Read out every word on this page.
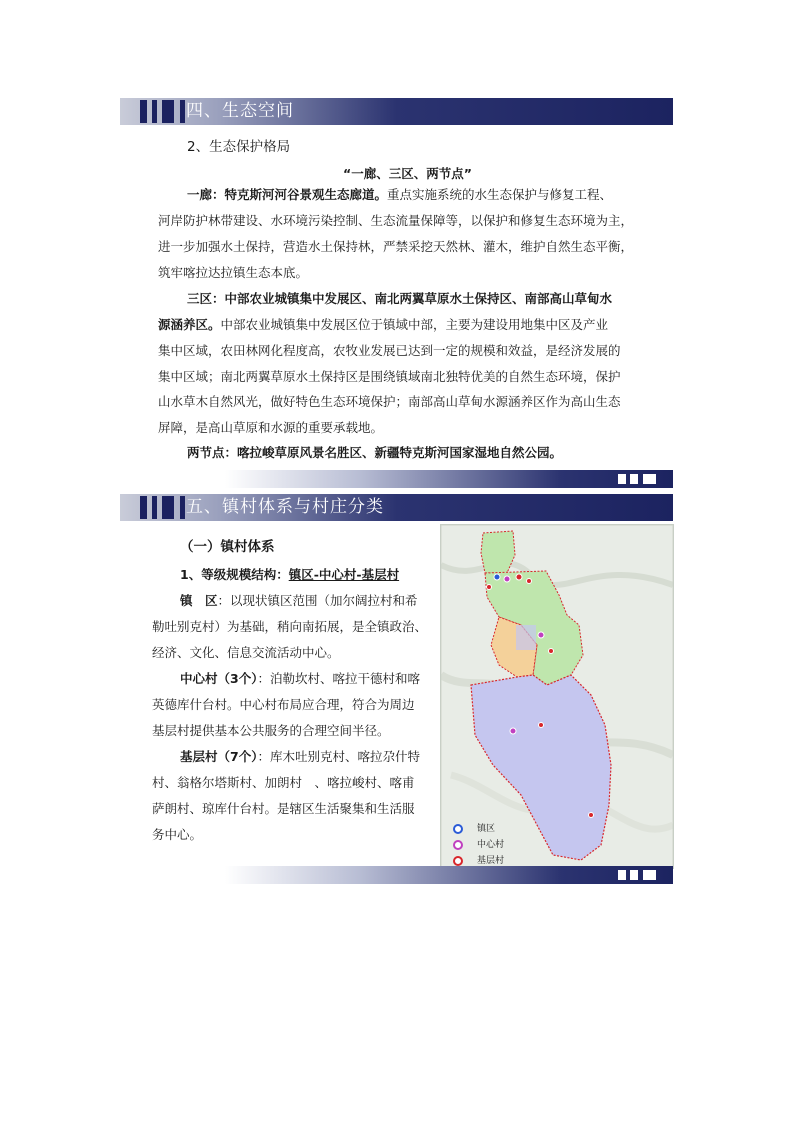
四、生态空间
2、生态保护格局
“一廊、三区、两节点”
一廊：特克斯河河谷景观生态廊道。重点实施系统的水生态保护与修复工程、
河岸防护林带建设、水环境污染控制、生态流量保障等，以保护和修复生态环境为主，
进一步加强水土保持，营造水土保持林，严禁采挖天然林、灌木，维护自然生态平衡，
筑牢喀拉达拉镇生态本底。
三区：中部农业城镇集中发展区、南北两翼草原水土保持区、南部高山草甸水
源涵养区。中部农业城镇集中发展区位于镇域中部，主要为建设用地集中区及产业
集中区域，农田林网化程度高，农牧业发展已达到一定的规模和效益，是经济发展的
集中区域；南北两翼草原水土保持区是围绕镇域南北独特优美的自然生态环境，保护
山水草木自然风光，做好特色生态环境保护；南部高山草甸水源涵养区作为高山生态
屏障，是高山草原和水源的重要承载地。
两节点：喀拉峻草原风景名胜区、新疆特克斯河国家湿地自然公园。
五、镇村体系与村庄分类
（一）镇村体系
1、等级规模结构：镇区-中心村-基层村
镇　区：以现状镇区范围（加尔阔拉村和希
勒吐别克村）为基础，稍向南拓展，是全镇政治、
经济、文化、信息交流活动中心。
中心村（3个）：泊勒坎村、喀拉干德村和喀
英德库什台村。中心村布局应合理，符合为周边
基层村提供基本公共服务的合理空间半径。
基层村（7个）：库木吐别克村、喀拉尕什特
村、翁格尔塔斯村、加朗村　、喀拉峻村、喀甫
萨朗村、琼库什台村。是辖区生活聚集和生活服
务中心。	镇区
中心村
基层村
